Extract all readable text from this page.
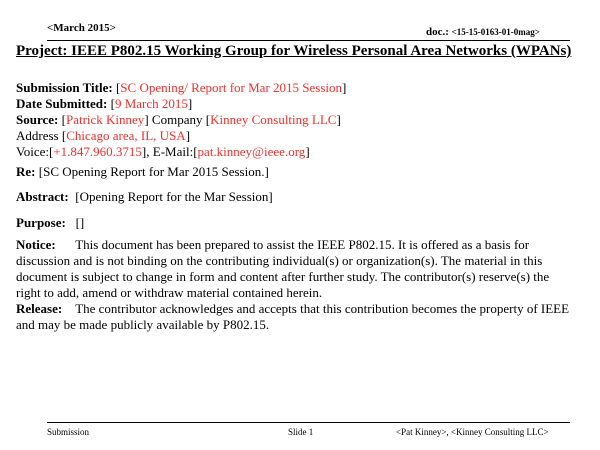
<March 2015>	doc.: <15-15-0163-01-0mag>
Project: IEEE P802.15 Working Group for Wireless Personal Area Networks (WPANs)
Submission Title: [SC Opening/ Report for Mar 2015 Session]
Date Submitted: [9 March 2015]
Source: [Patrick Kinney] Company [Kinney Consulting LLC]
Address [Chicago area, IL, USA]
Voice:[+1.847.960.3715], E-Mail:[pat.kinney@ieee.org]
Re: [SC Opening Report for Mar 2015 Session.]
Abstract:  [Opening Report for the Mar Session]
Purpose: []
Notice: This document has been prepared to assist the IEEE P802.15. It is offered as a basis for
discussion and is not binding on the contributing individual(s) or organization(s). The material in this
document is subject to change in form and content after further study. The contributor(s) reserve(s) the
right to add, amend or withdraw material contained herein.
Release: The contributor acknowledges and accepts that this contribution becomes the property of IEEE
and may be made publicly available by P802.15.
Submission	Slide 1	<Pat Kinney>, <Kinney Consulting LLC>
